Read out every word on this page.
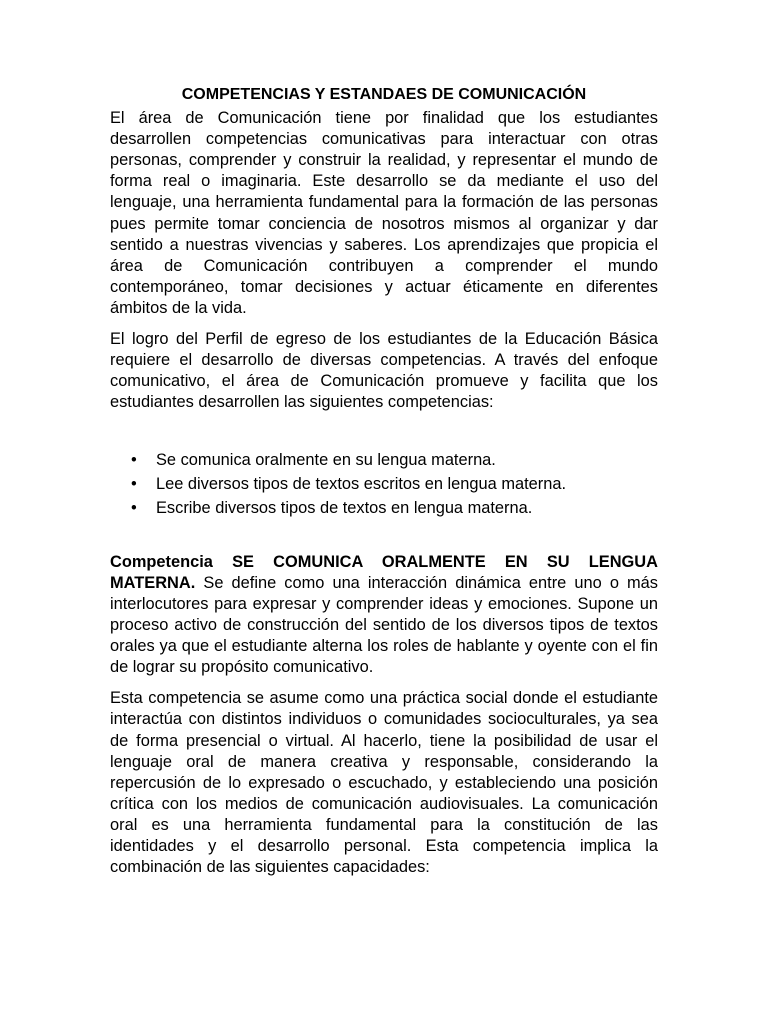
COMPETENCIAS Y ESTANDAES DE COMUNICACIÓN

El área de Comunicación tiene por finalidad que los estudiantes desarrollen competencias comunicativas para interactuar con otras personas, comprender y construir la realidad, y representar el mundo de forma real o imaginaria. Este desarrollo se da mediante el uso del lenguaje, una herramienta fundamental para la formación de las personas pues permite tomar conciencia de nosotros mismos al organizar y dar sentido a nuestras vivencias y saberes. Los aprendizajes que propicia el área de Comunicación contribuyen a comprender el mundo contemporáneo, tomar decisiones y actuar éticamente en diferentes ámbitos de la vida.

El logro del Perfil de egreso de los estudiantes de la Educación Básica requiere el desarrollo de diversas competencias. A través del enfoque comunicativo, el área de Comunicación promueve y facilita que los estudiantes desarrollen las siguientes competencias:

• Se comunica oralmente en su lengua materna.
• Lee diversos tipos de textos escritos en lengua materna.
• Escribe diversos tipos de textos en lengua materna.

Competencia SE COMUNICA ORALMENTE EN SU LENGUA MATERNA. Se define como una interacción dinámica entre uno o más interlocutores para expresar y comprender ideas y emociones. Supone un proceso activo de construcción del sentido de los diversos tipos de textos orales ya que el estudiante alterna los roles de hablante y oyente con el fin de lograr su propósito comunicativo.

Esta competencia se asume como una práctica social donde el estudiante interactúa con distintos individuos o comunidades socioculturales, ya sea de forma presencial o virtual. Al hacerlo, tiene la posibilidad de usar el lenguaje oral de manera creativa y responsable, considerando la repercusión de lo expresado o escuchado, y estableciendo una posición crítica con los medios de comunicación audiovisuales. La comunicación oral es una herramienta fundamental para la constitución de las identidades y el desarrollo personal. Esta competencia implica la combinación de las siguientes capacidades:
